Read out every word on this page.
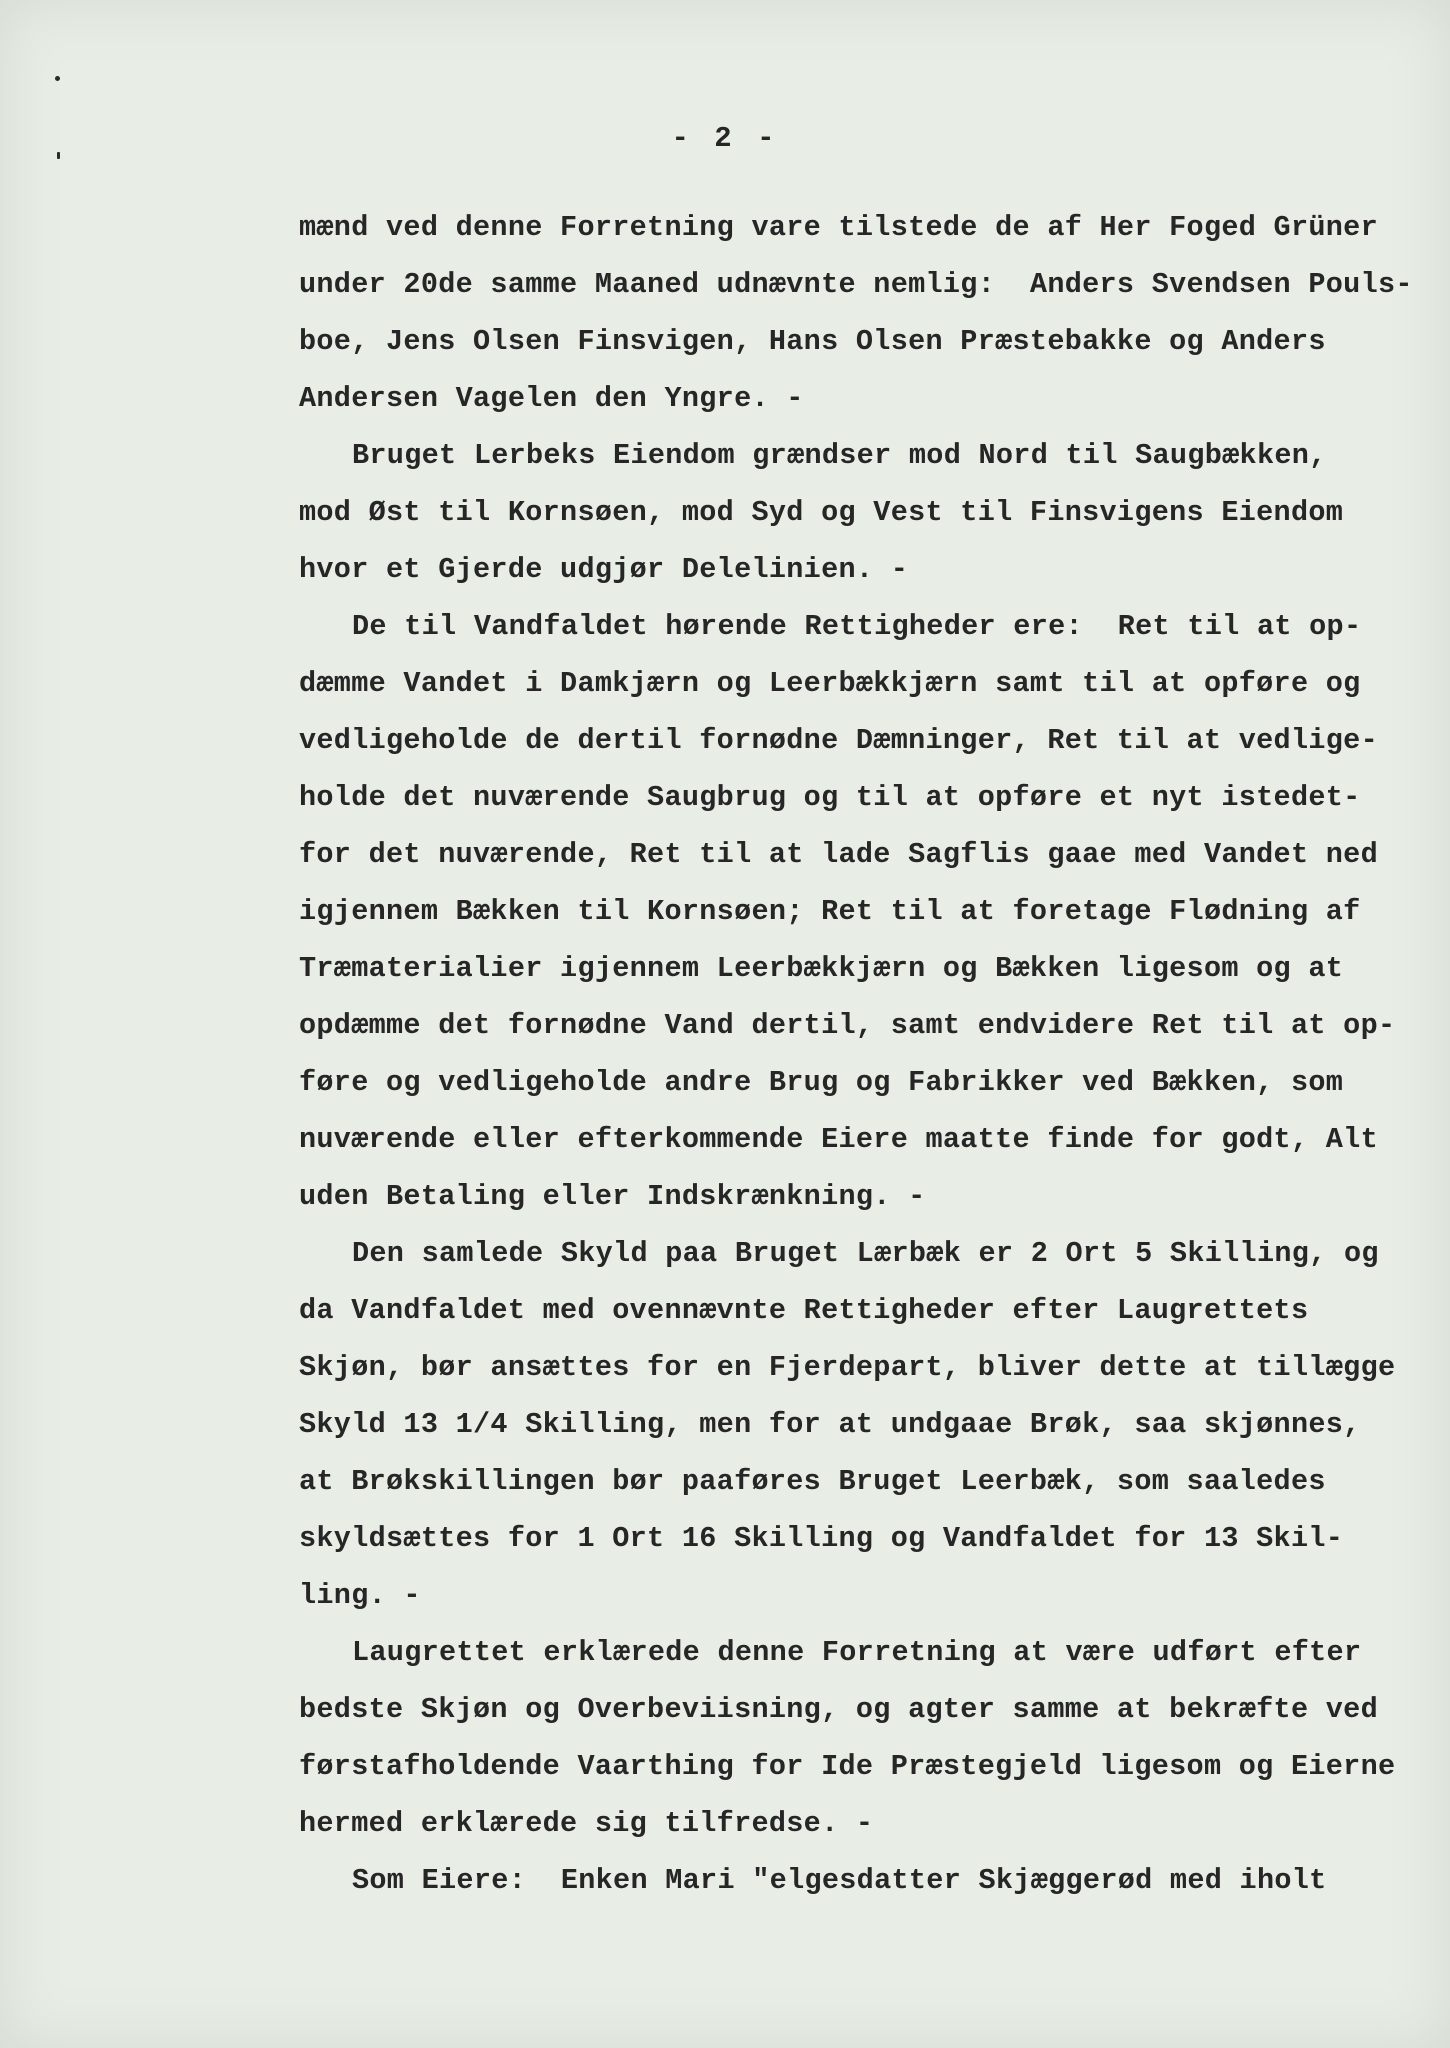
- 2 -

mænd ved denne Forretning vare tilstede de af Her Foged Grüner

under 20de samme Maaned udnævnte nemlig:  Anders Svendsen Pouls-

boe, Jens Olsen Finsvigen, Hans Olsen Præstebakke og Anders

Andersen Vagelen den Yngre. -

Bruget Lerbeks Eiendom grændser mod Nord til Saugbækken,

mod Øst til Kornsøen, mod Syd og Vest til Finsvigens Eiendom

hvor et Gjerde udgjør Delelinien. -

De til Vandfaldet hørende Rettigheder ere:  Ret til at op-

dæmme Vandet i Damkjærn og Leerbækkjærn samt til at opføre og

vedligeholde de dertil fornødne Dæmninger, Ret til at vedlige-

holde det nuværende Saugbrug og til at opføre et nyt istedet-

for det nuværende, Ret til at lade Sagflis gaae med Vandet ned

igjennem Bækken til Kornsøen; Ret til at foretage Flødning af

Træmaterialier igjennem Leerbækkjærn og Bækken ligesom og at

opdæmme det fornødne Vand dertil, samt endvidere Ret til at op-

føre og vedligeholde andre Brug og Fabrikker ved Bækken, som

nuværende eller efterkommende Eiere maatte finde for godt, Alt

uden Betaling eller Indskrænkning. -

Den samlede Skyld paa Bruget Lærbæk er 2 Ort 5 Skilling, og

da Vandfaldet med ovennævnte Rettigheder efter Laugrettets

Skjøn, bør ansættes for en Fjerdepart, bliver dette at tillægge

Skyld 13 1/4 Skilling, men for at undgaae Brøk, saa skjønnes,

at Brøkskillingen bør paaføres Bruget Leerbæk, som saaledes

skyldsættes for 1 Ort 16 Skilling og Vandfaldet for 13 Skil-

ling. -

Laugrettet erklærede denne Forretning at være udført efter

bedste Skjøn og Overbeviisning, og agter samme at bekræfte ved

førstafholdende Vaarthing for Ide Præstegjeld ligesom og Eierne

hermed erklærede sig tilfredse. -

Som Eiere:  Enken Mari "elgesdatter Skjæggerød med iholt
